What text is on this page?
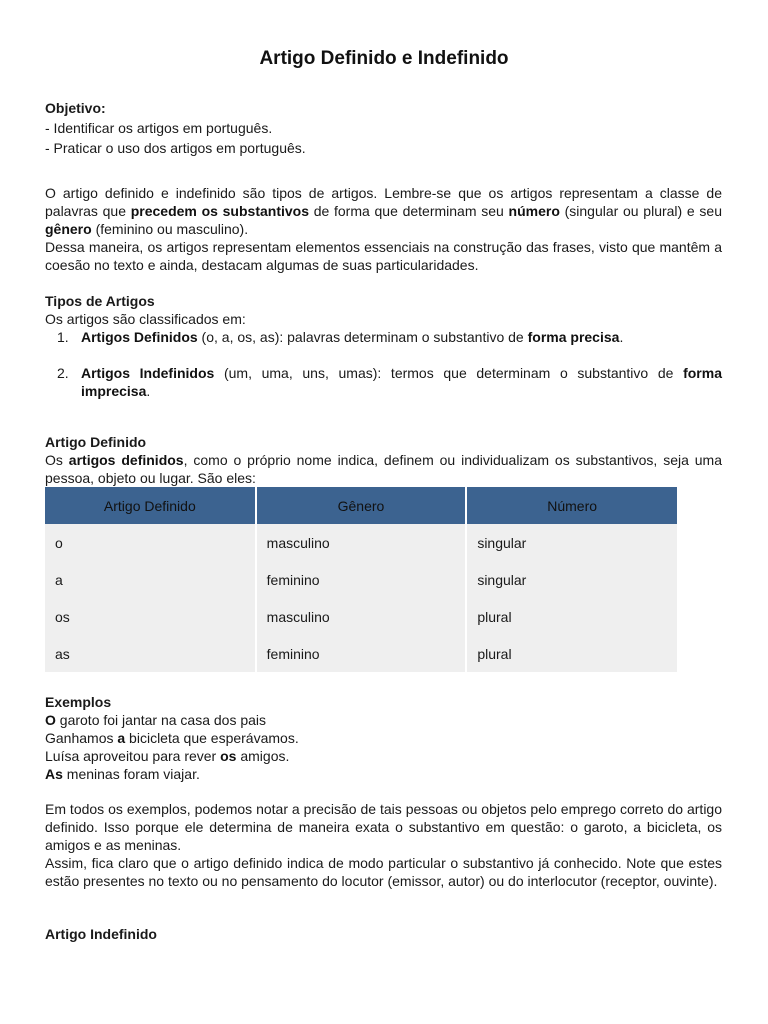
Artigo Definido e Indefinido
Objetivo:
- Identificar os artigos em português.
- Praticar o uso dos artigos em português.

O artigo definido e indefinido são tipos de artigos. Lembre-se que os artigos representam a classe de palavras que precedem os substantivos de forma que determinam seu número (singular ou plural) e seu gênero (feminino ou masculino).

Dessa maneira, os artigos representam elementos essenciais na construção das frases, visto que mantêm a coesão no texto e ainda, destacam algumas de suas particularidades.

Tipos de Artigos
Os artigos são classificados em:
1. Artigos Definidos (o, a, os, as): palavras determinam o substantivo de forma precisa.
2. Artigos Indefinidos (um, uma, uns, umas): termos que determinam o substantivo de forma imprecisa.
Artigo Definido

Os artigos definidos, como o próprio nome indica, definem ou individualizam os substantivos, seja uma pessoa, objeto ou lugar. São eles:

Artigo Definido	Gênero	Número
o	masculino	singular
a	feminino	singular
os	masculino	plural
as	feminino	plural
Exemplos
O garoto foi jantar na casa dos pais
Ganhamos a bicicleta que esperávamos.
Luísa aproveitou para rever os amigos.
As meninas foram viajar.

Em todos os exemplos, podemos notar a precisão de tais pessoas ou objetos pelo emprego correto do artigo definido. Isso porque ele determina de maneira exata o substantivo em questão: o garoto, a bicicleta, os amigos e as meninas.

Assim, fica claro que o artigo definido indica de modo particular o substantivo já conhecido. Note que estes estão presentes no texto ou no pensamento do locutor (emissor, autor) ou do interlocutor (receptor, ouvinte).

Artigo Indefinido
